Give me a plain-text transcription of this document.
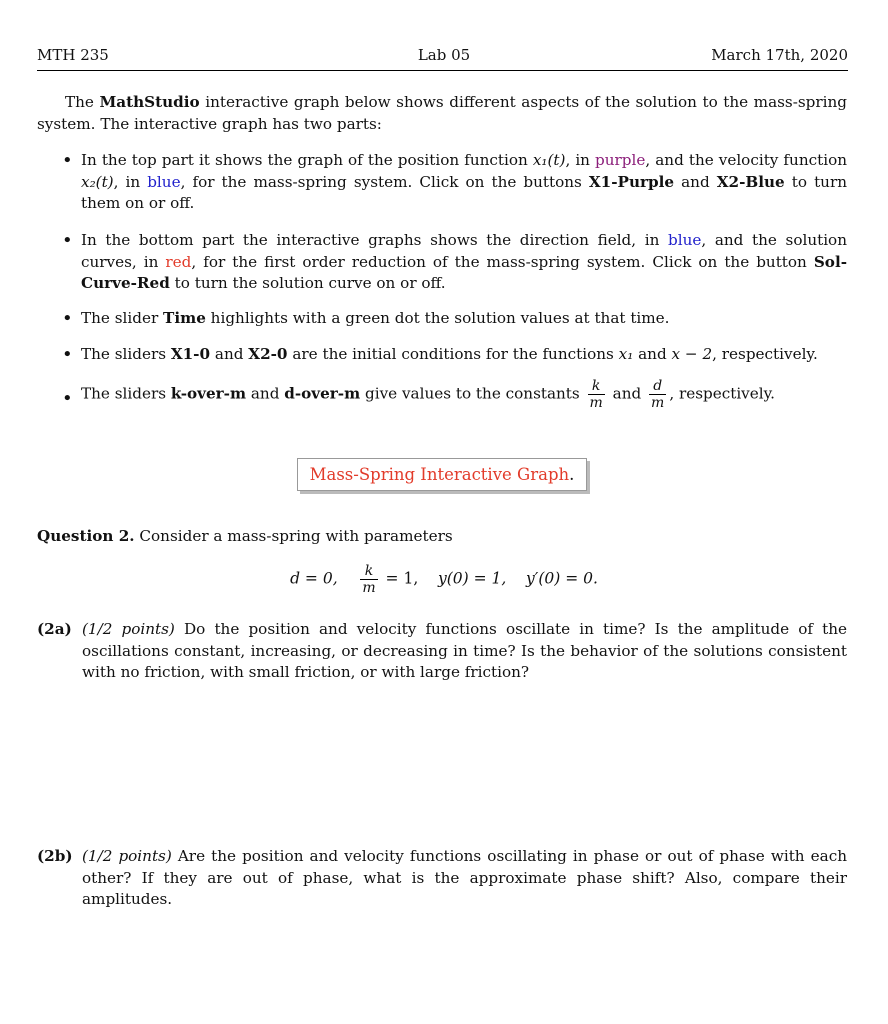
MTH 235	Lab 05	March 17th, 2020
The MathStudio interactive graph below shows different aspects of the solution to the mass-spring system. The interactive graph has two parts:
• In the top part it shows the graph of the position function x₁(t), in purple, and the velocity function x₂(t), in blue, for the mass-spring system. Click on the buttons X1-Purple and X2-Blue to turn them on or off.
• In the bottom part the interactive graphs shows the direction field, in blue, and the solution curves, in red, for the first order reduction of the mass-spring system. Click on the button Sol-Curve-Red to turn the solution curve on or off.
• The slider Time highlights with a green dot the solution values at that time.
• The sliders X1-0 and X2-0 are the initial conditions for the functions x₁ and x − 2, respectively.
• The sliders k-over-m and d-over-m give values to the constants $\frac{k}{m}$ and $\frac{d}{m}$ , respectively.
Mass-Spring Interactive Graph .
Question 2. Consider a mass-spring with parameters
d = 0, $\frac{k}{m} = 1$, y(0) = 1, y′(0) = 0.
(2a) (1/2 points) Do the position and velocity functions oscillate in time? Is the amplitude of the oscillations constant, increasing, or decreasing in time? Is the behavior of the solutions consistent with no friction, with small friction, or with large friction?
(2b) (1/2 points) Are the position and velocity functions oscillating in phase or out of phase with each other? If they are out of phase, what is the approximate phase shift? Also, compare their amplitudes.
